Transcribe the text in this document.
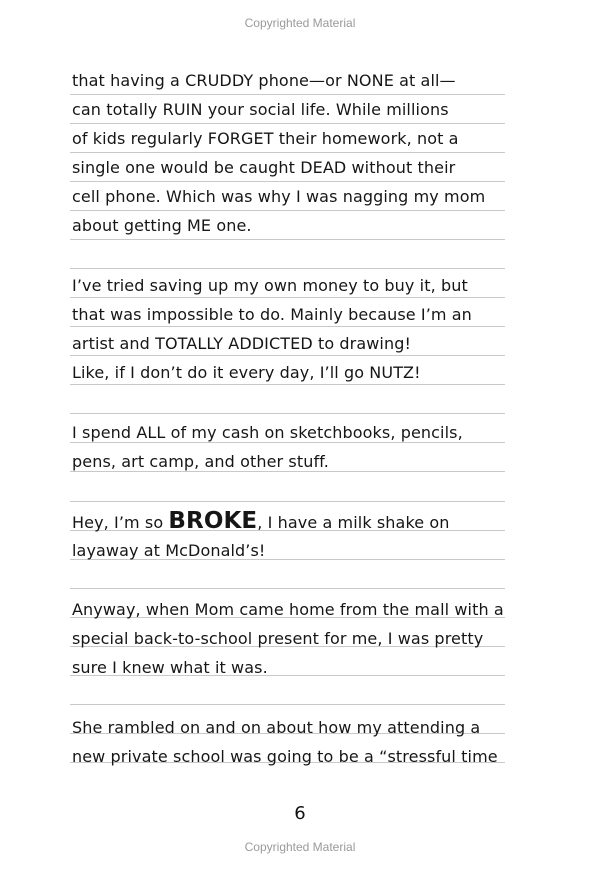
Copyrighted Material
that having a CRUDDY phone—or NONE at all—
can totally RUIN your social life. While millions
of kids regularly FORGET their homework, not a
single one would be caught DEAD without their
cell phone. Which was why I was nagging my mom
about getting ME one.
I’ve tried saving up my own money to buy it, but
that was impossible to do. Mainly because I’m an
artist and TOTALLY ADDICTED to drawing!
Like, if I don’t do it every day, I’ll go NUTZ!
I spend ALL of my cash on sketchbooks, pencils,
pens, art camp, and other stuff.
Hey, I’m so BROKE, I have a milk shake on
layaway at McDonald’s!
Anyway, when Mom came home from the mall with a
special back-to-school present for me, I was pretty
sure I knew what it was.
She rambled on and on about how my attending a
new private school was going to be a “stressful time
6
Copyrighted Material
